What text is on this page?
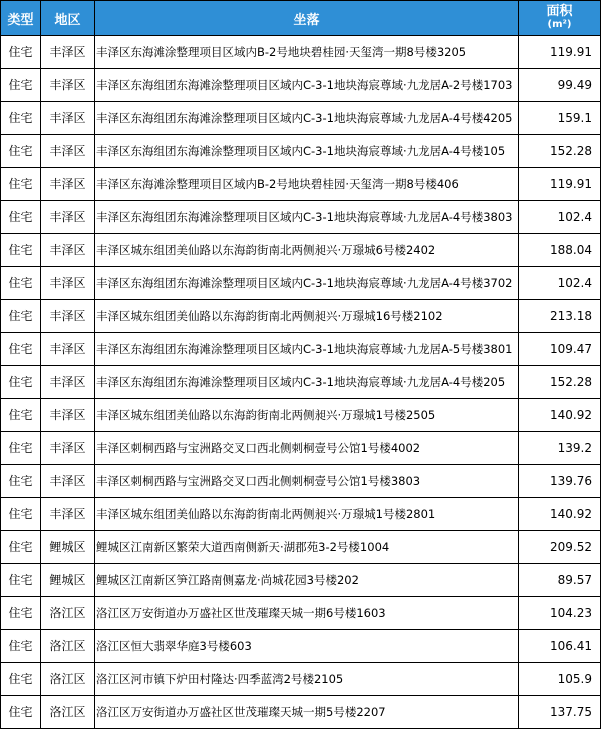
类型	地区	坐落	面积
(m²)

住宅	丰泽区	丰泽区东海滩涂整理项目区域内B-2号地块碧桂园·天玺湾一期8号楼3205	119.91
住宅	丰泽区	丰泽区东海组团东海滩涂整理项目区域内C-3-1地块海宸尊域·九龙居A-2号楼1703	99.49
住宅	丰泽区	丰泽区东海组团东海滩涂整理项目区域内C-3-1地块海宸尊域·九龙居A-4号楼4205	159.1
住宅	丰泽区	丰泽区东海组团东海滩涂整理项目区域内C-3-1地块海宸尊域·九龙居A-4号楼105	152.28
住宅	丰泽区	丰泽区东海滩涂整理项目区域内B-2号地块碧桂园·天玺湾一期8号楼406	119.91
住宅	丰泽区	丰泽区东海组团东海滩涂整理项目区域内C-3-1地块海宸尊域·九龙居A-4号楼3803	102.4
住宅	丰泽区	丰泽区城东组团美仙路以东海韵街南北两侧昶兴·万璟城6号楼2402	188.04
住宅	丰泽区	丰泽区东海组团东海滩涂整理项目区域内C-3-1地块海宸尊域·九龙居A-4号楼3702	102.4
住宅	丰泽区	丰泽区城东组团美仙路以东海韵街南北两侧昶兴·万璟城16号楼2102	213.18
住宅	丰泽区	丰泽区东海组团东海滩涂整理项目区域内C-3-1地块海宸尊域·九龙居A-5号楼3801	109.47
住宅	丰泽区	丰泽区东海组团东海滩涂整理项目区域内C-3-1地块海宸尊域·九龙居A-4号楼205	152.28
住宅	丰泽区	丰泽区城东组团美仙路以东海韵街南北两侧昶兴·万璟城1号楼2505	140.92
住宅	丰泽区	丰泽区刺桐西路与宝洲路交叉口西北侧刺桐壹号公馆1号楼4002	139.2
住宅	丰泽区	丰泽区刺桐西路与宝洲路交叉口西北侧刺桐壹号公馆1号楼3803	139.76
住宅	丰泽区	丰泽区城东组团美仙路以东海韵街南北两侧昶兴·万璟城1号楼2801	140.92
住宅	鲤城区	鲤城区江南新区繁荣大道西南侧新天·湖郡苑3-2号楼1004	209.52
住宅	鲤城区	鲤城区江南新区笋江路南侧嘉龙·尚城花园3号楼202	89.57
住宅	洛江区	洛江区万安街道办万盛社区世茂璀璨天城一期6号楼1603	104.23
住宅	洛江区	洛江区恒大翡翠华庭3号楼603	106.41
住宅	洛江区	洛江区河市镇下炉田村隆达·四季蓝湾2号楼2105	105.9
住宅	洛江区	洛江区万安街道办万盛社区世茂璀璨天城一期5号楼2207	137.75
